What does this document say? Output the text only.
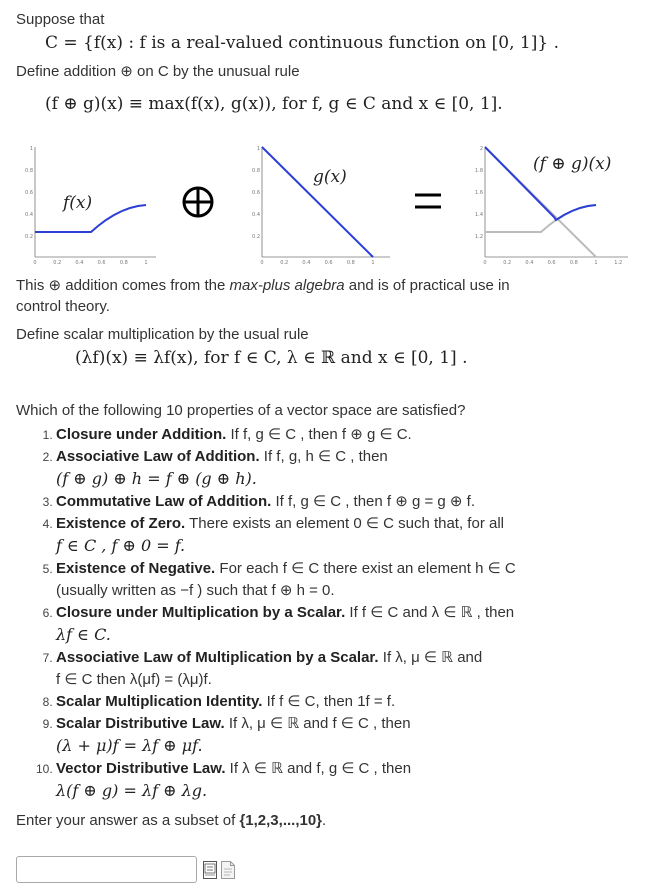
Suppose that
C = {f(x) : f is a real-valued continuous function on [0, 1]} .
Define addition ⊕ on C by the unusual rule
(f ⊕ g)(x) ≡ max(f(x), g(x)), for f, g ∈ C and x ∈ [0, 1].
1
0.8
0.6
0.4
0.2
0	0.2	0.4	0.6	0.8	1
f(x)
1
0.8
0.6
0.4
0.2
0	0.2	0.4	0.6	0.8	1
g(x)
2
1.8
1.6
1.4
1.2
0	0.2	0.4	0.6	0.8	1	1.2
(f ⊕ g)(x)
This ⊕ addition comes from the max-plus algebra and is of practical use in
control theory.
Define scalar multiplication by the usual rule
(λf)(x) ≡ λf(x), for f ∈ C, λ ∈ ℝ and x ∈ [0, 1] .
Which of the following 10 properties of a vector space are satisfied?
1. Closure under Addition. If f, g ∈ C , then f ⊕ g ∈ C.
2. Associative Law of Addition. If f, g, h ∈ C , then
(f ⊕ g) ⊕ h = f ⊕ (g ⊕ h).
3. Commutative Law of Addition. If f, g ∈ C , then f ⊕ g = g ⊕ f.
4. Existence of Zero. There exists an element 0 ∈ C such that, for all
f ∈ C , f ⊕ 0 = f.
5. Existence of Negative. For each f ∈ C there exist an element h ∈ C
(usually written as −f ) such that f ⊕ h = 0.
6. Closure under Multiplication by a Scalar. If f ∈ C and λ ∈ ℝ , then
λf ∈ C.
7. Associative Law of Multiplication by a Scalar. If λ, μ ∈ ℝ and
f ∈ C then λ(μf) = (λμ)f.
8. Scalar Multiplication Identity. If f ∈ C, then 1f = f.
9. Scalar Distributive Law. If λ, μ ∈ ℝ and f ∈ C , then
(λ + μ)f = λf ⊕ μf.
10. Vector Distributive Law. If λ ∈ ℝ and f, g ∈ C , then
λ(f ⊕ g) = λf ⊕ λg.
Enter your answer as a subset of {1,2,3,...,10}.
